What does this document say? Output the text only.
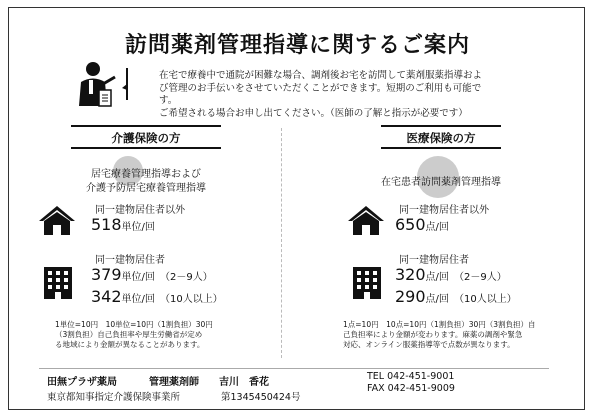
訪問薬剤管理指導に関するご案内
在宅で療養中で通院が困難な場合、調剤後お宅を訪問して薬剤服薬指導およ
び管理のお手伝いをさせていただくことができます。短期のご利用も可能で
す。
ご希望される場合お申し出てください。（医師の了解と指示が必要です）
介護保険の方
居宅療養管理指導および
介護予防居宅療養管理指導
同一建物居住者以外
518単位/回
同一建物居住者
379単位/回 （2－9人）
342単位/回 （10人以上）
1単位=10円　10単位=10円（1割負担）30円
（3割負担）自己負担率や厚生労働省が定め
る地域により金額が異なることがあります。
医療保険の方
在宅患者訪問薬剤管理指導
同一建物居住者以外
650点/回
同一建物居住者
320点/回 （2－9人）
290点/回 （10人以上）
1点=10円　10点=10円（1割負担）30円（3割負担）自
己負担率により金額が変わります。麻薬の調剤や緊急
対応、オンライン服薬指導等で点数が異なります。
田無プラザ薬局	管理薬剤師 吉川　香花
東京都知事指定介護保険事業所	第1345450424号
TEL 042-451-9001
FAX 042-451-9009
